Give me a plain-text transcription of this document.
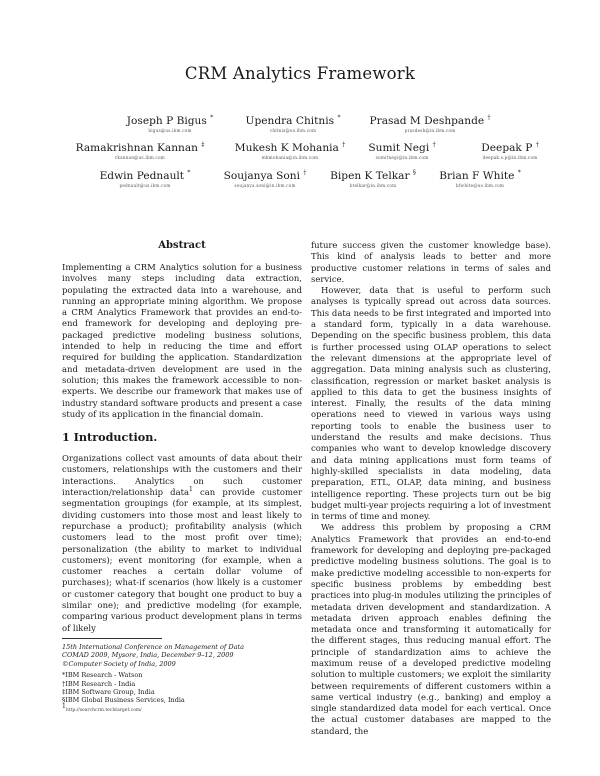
CRM Analytics Framework
Joseph P Bigus *
bigus@us.ibm.com
Upendra Chitnis *
chitnis@us.ibm.com
Prasad M Deshpande †
prasdesh@in.ibm.com
Ramakrishnan Kannan ‡
rkannan@us.ibm.com
Mukesh K Mohania †
mkmohania@in.ibm.com
Sumit Negi †
sumitnegi@in.ibm.com
Deepak P †
deepak.s.p@in.ibm.com
Edwin Pednault *
pednault@us.ibm.com
Soujanya Soni †
soujanya.soni@in.ibm.com
Bipen K Telkar §
btelkar@in.ibm.com
Brian F White *
bfwhite@us.ibm.com
Abstract

Implementing a CRM Analytics solution for a business involves many steps including data extraction, populating the extracted data into a warehouse, and running an appropriate mining algorithm. We propose a CRM Analytics Framework that provides an end-to-end framework for developing and deploying pre-packaged predictive modeling business solutions, intended to help in reducing the time and effort required for building the application. Standardization and metadata-driven development are used in the solution; this makes the framework accessible to non-experts. We describe our framework that makes use of industry standard software products and present a case study of its application in the financial domain.

1 Introduction.

Organizations collect vast amounts of data about their customers, relationships with the customers and their interactions. Analytics on such customer interaction/relationship data$^1$ can provide customer segmentation groupings (for example, at its simplest, dividing customers into those most and least likely to repurchase a product); profitability analysis (which customers lead to the most profit over time); personalization (the ability to market to individual customers); event monitoring (for example, when a customer reaches a certain dollar volume of purchases); what-if scenarios (how likely is a customer or customer category that bought one product to buy a similar one); and predictive modeling (for example, comparing various product development plans in terms of likely

15th International Conference on Management of Data
COMAD 2009, Mysore, India, December 9–12, 2009
©Computer Society of India, 2009
*IBM Research - Watson
†IBM Research - India
‡IBM Software Group, India
§IBM Global Business Services, India
$^1$http://searchcrm.techtarget.com/

future success given the customer knowledge base). This kind of analysis leads to better and more productive customer relations in terms of sales and service.

However, data that is useful to perform such analyses is typically spread out across data sources. This data needs to be first integrated and imported into a standard form, typically in a data warehouse. Depending on the specific business problem, this data is further processed using OLAP operations to select the relevant dimensions at the appropriate level of aggregation. Data mining analysis such as clustering, classification, regression or market basket analysis is applied to this data to get the business insights of interest. Finally, the results of the data mining operations need to viewed in various ways using reporting tools to enable the business user to understand the results and make decisions. Thus companies who want to develop knowledge discovery and data mining applications must form teams of highly-skilled specialists in data modeling, data preparation, ETL, OLAP, data mining, and business intelligence reporting. These projects turn out be big budget multi-year projects requiring a lot of investment in terms of time and money.

We address this problem by proposing a CRM Analytics Framework that provides an end-to-end framework for developing and deploying pre-packaged predictive modeling business solutions. The goal is to make predictive modeling accessible to non-experts for specific business problems by embedding best practices into plug-in modules utilizing the principles of metadata driven development and standardization. A metadata driven approach enables defining the metadata once and transforming it automatically for the different stages, thus reducing manual effort. The principle of standardization aims to achieve the maximum reuse of a developed predictive modeling solution to multiple customers; we exploit the similarity between requirements of different customers within a same vertical industry (e.g., banking) and employ a single standardized data model for each vertical. Once the actual customer databases are mapped to the standard, the
